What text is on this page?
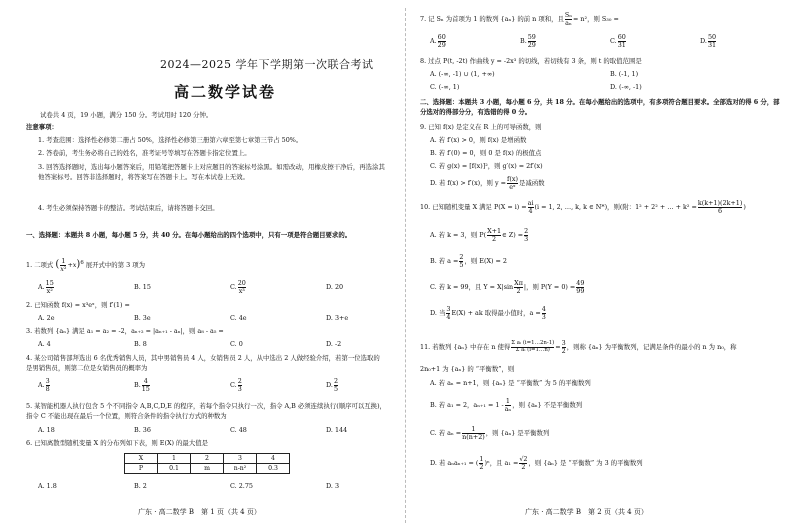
2024—2025 学年下学期第一次联合考试
高二数学试卷
试卷共 4 页，19 小题，满分 150 分。考试用时 120 分钟。
注意事项：
1. 考查范围：选择性必修第二册占 50%，选择性必修第三册第六章至第七章第三节占 50%。
2. 答卷前，考生务必将自己的姓名，准考证号等填写在答题卡指定位置上。
3. 回答选择题时，选出每小题答案后，用铅笔把答题卡上对应题目的答案标号涂黑。如需改动，用橡皮擦干净后，再选涂其他答案标号。回答非选择题时，将答案写在答题卡上。写在本试卷上无效。
4. 考生必须保持答题卡的整洁。考试结束后，请将答题卡交回。
一、选择题：本题共 8 小题，每小题 5 分，共 40 分。在每小题给出的四个选项中，只有一项是符合题目要求的。
1. 二项式 ( $\frac{1}{\text{x²}} +x)^6$ 展开式中的第 3 项为
A. $\frac{15}{\text{x²}}$	B. 15	C. $\frac{20}{\text{x³}}$	D. 20
2. 已知函数 f(x) = x³eˣ，则 f′(1) =
A. 2e	B. 3e	C. 4e	D. 3+e
3. 若数列 {aₙ} 满足 a₁ = a₂ = -2，aₙ₊₂ = |aₙ₊₁ - aₙ|，则 a₈ - a₅ =
A. 4	B. 8	C. 0	D. -2
4. 某公司销售部拜选出 6 名优秀销售人员，其中男销售员 4 人，女销售员 2 人，从中选出 2 人做经验介绍，若第一位选取的是男销售员，则第二位是女销售员的概率为
A. $\frac{3}{8}$	B. $\frac{4}{15}$	C. $\frac{2}{3}$	D. $\frac{2}{5}$
5. 某智能机器人执行包含 5 个不同指令 A,B,C,D,E 的程序，若每个指令只执行一次，指令 A,B 必须连续执行(顺序可以互换)，指令 C 不能出现在最后一个位置，则符合条件的指令执行方式的种数为
A. 18	B. 36	C. 48	D. 144
6. 已知离散型随机变量 X 的分布列如下表，则 E(X) 的最大值是
X	1	2	3	4
P	0.1	m	n-n²	0.3
A. 1.8	B. 2	C. 2.75	D. 3
广东 · 高二数学 B　第 1 页（共 4 页）
7. 记 Sₙ 为首项为 1 的数列 {aₙ} 的前 n 项和，且 $\frac{\text{Sₙ}}{\text{aₙ}} = n^2$，则 S₃₀ =
A. $\frac{60}{29}$	B. $\frac{59}{29}$	C. $\frac{60}{31}$	D. $\frac{50}{31}$
8. 过点 P(t, -2t) 作曲线 y = -2x³ 的切线，若切线有 3 条，则 t 的取值范围是
A. (-∞, -1) ∪ (1, +∞)	B. (-1, 1)
C. (-∞, 1)	D. (-∞, -1)
二、选择题：本题共 3 小题，每小题 6 分，共 18 分。在每小题给出的选项中，有多项符合题目要求。全部选对的得 6 分，部分选对的得部分分，有选错的得 0 分。
9. 已知 f(x) 是定义在 R 上的可导函数，则
A. 若 f′(x) > 0，则 f(x) 是增函数
B. 若 f′(0) = 0，则 0 是 f(x) 的极值点
C. 若 g(x) = [f(x)]²，则 g′(x) = 2f′(x)
D. 若 f(x) > f′(x)，则 $y = \frac{f(x)}{\text{eˣ}}$ 是减函数
10. 已知随机变量 X 满足 $P(X = i) = \frac{ai}{4} (i = 1$, 2, …, k, k ∈ N*)，则(附：1² + 2² + … + $k^2 = \frac{k(k+1)(2k+1)}{6}$ )
A. 若 k = 3，则 $P( \frac{X+1}{2}$ ∈ $Z) = \frac{2}{3}$
B. 若 $a = \frac{2}{5}$ ，则 E(X) = 2
C. 若 k = 99，且 $Y = X|\sin \frac{X\pi}{2}$ |，则 $P(Y = 0) = \frac{49}{99}$
D. 当 $\frac{3}{4} E(X)$ + ak 取得最小值时，$a = \frac{4}{3}$
11. 若数列 {aₙ} 中存在 n 使得 $\frac{\text{Σ aᵢ (i=1…2n-1)}}{\text{Σ aᵢ (i=1…n)}} = \frac{3}{2}$ ，则称 {aₙ} 为平衡数列，记满足条件的最小的 n 为 n₀，称
2n₀+1 为 {aₙ} 的 “平衡数”，则
A. 若 aₙ = n+1，则 {aₙ} 是 “平衡数” 为 5 的平衡数列
B. 若 a₁ = 2，$a_{n+1} = 1 - \frac{1}{\text{aₙ}}$ ，则 {aₙ} 不是平衡数列
C. 若 $a_n = \frac{1}{n(n+2)}$ ，则 {aₙ} 是平衡数列
D. 若 aₙaₙ₊₁ = ( $\frac{1}{2} )^n$，且 $a_1 = \frac{√2}{2}$ ，则 {aₙ} 是 “平衡数” 为 3 的平衡数列
广东 · 高二数学 B　第 2 页（共 4 页）
